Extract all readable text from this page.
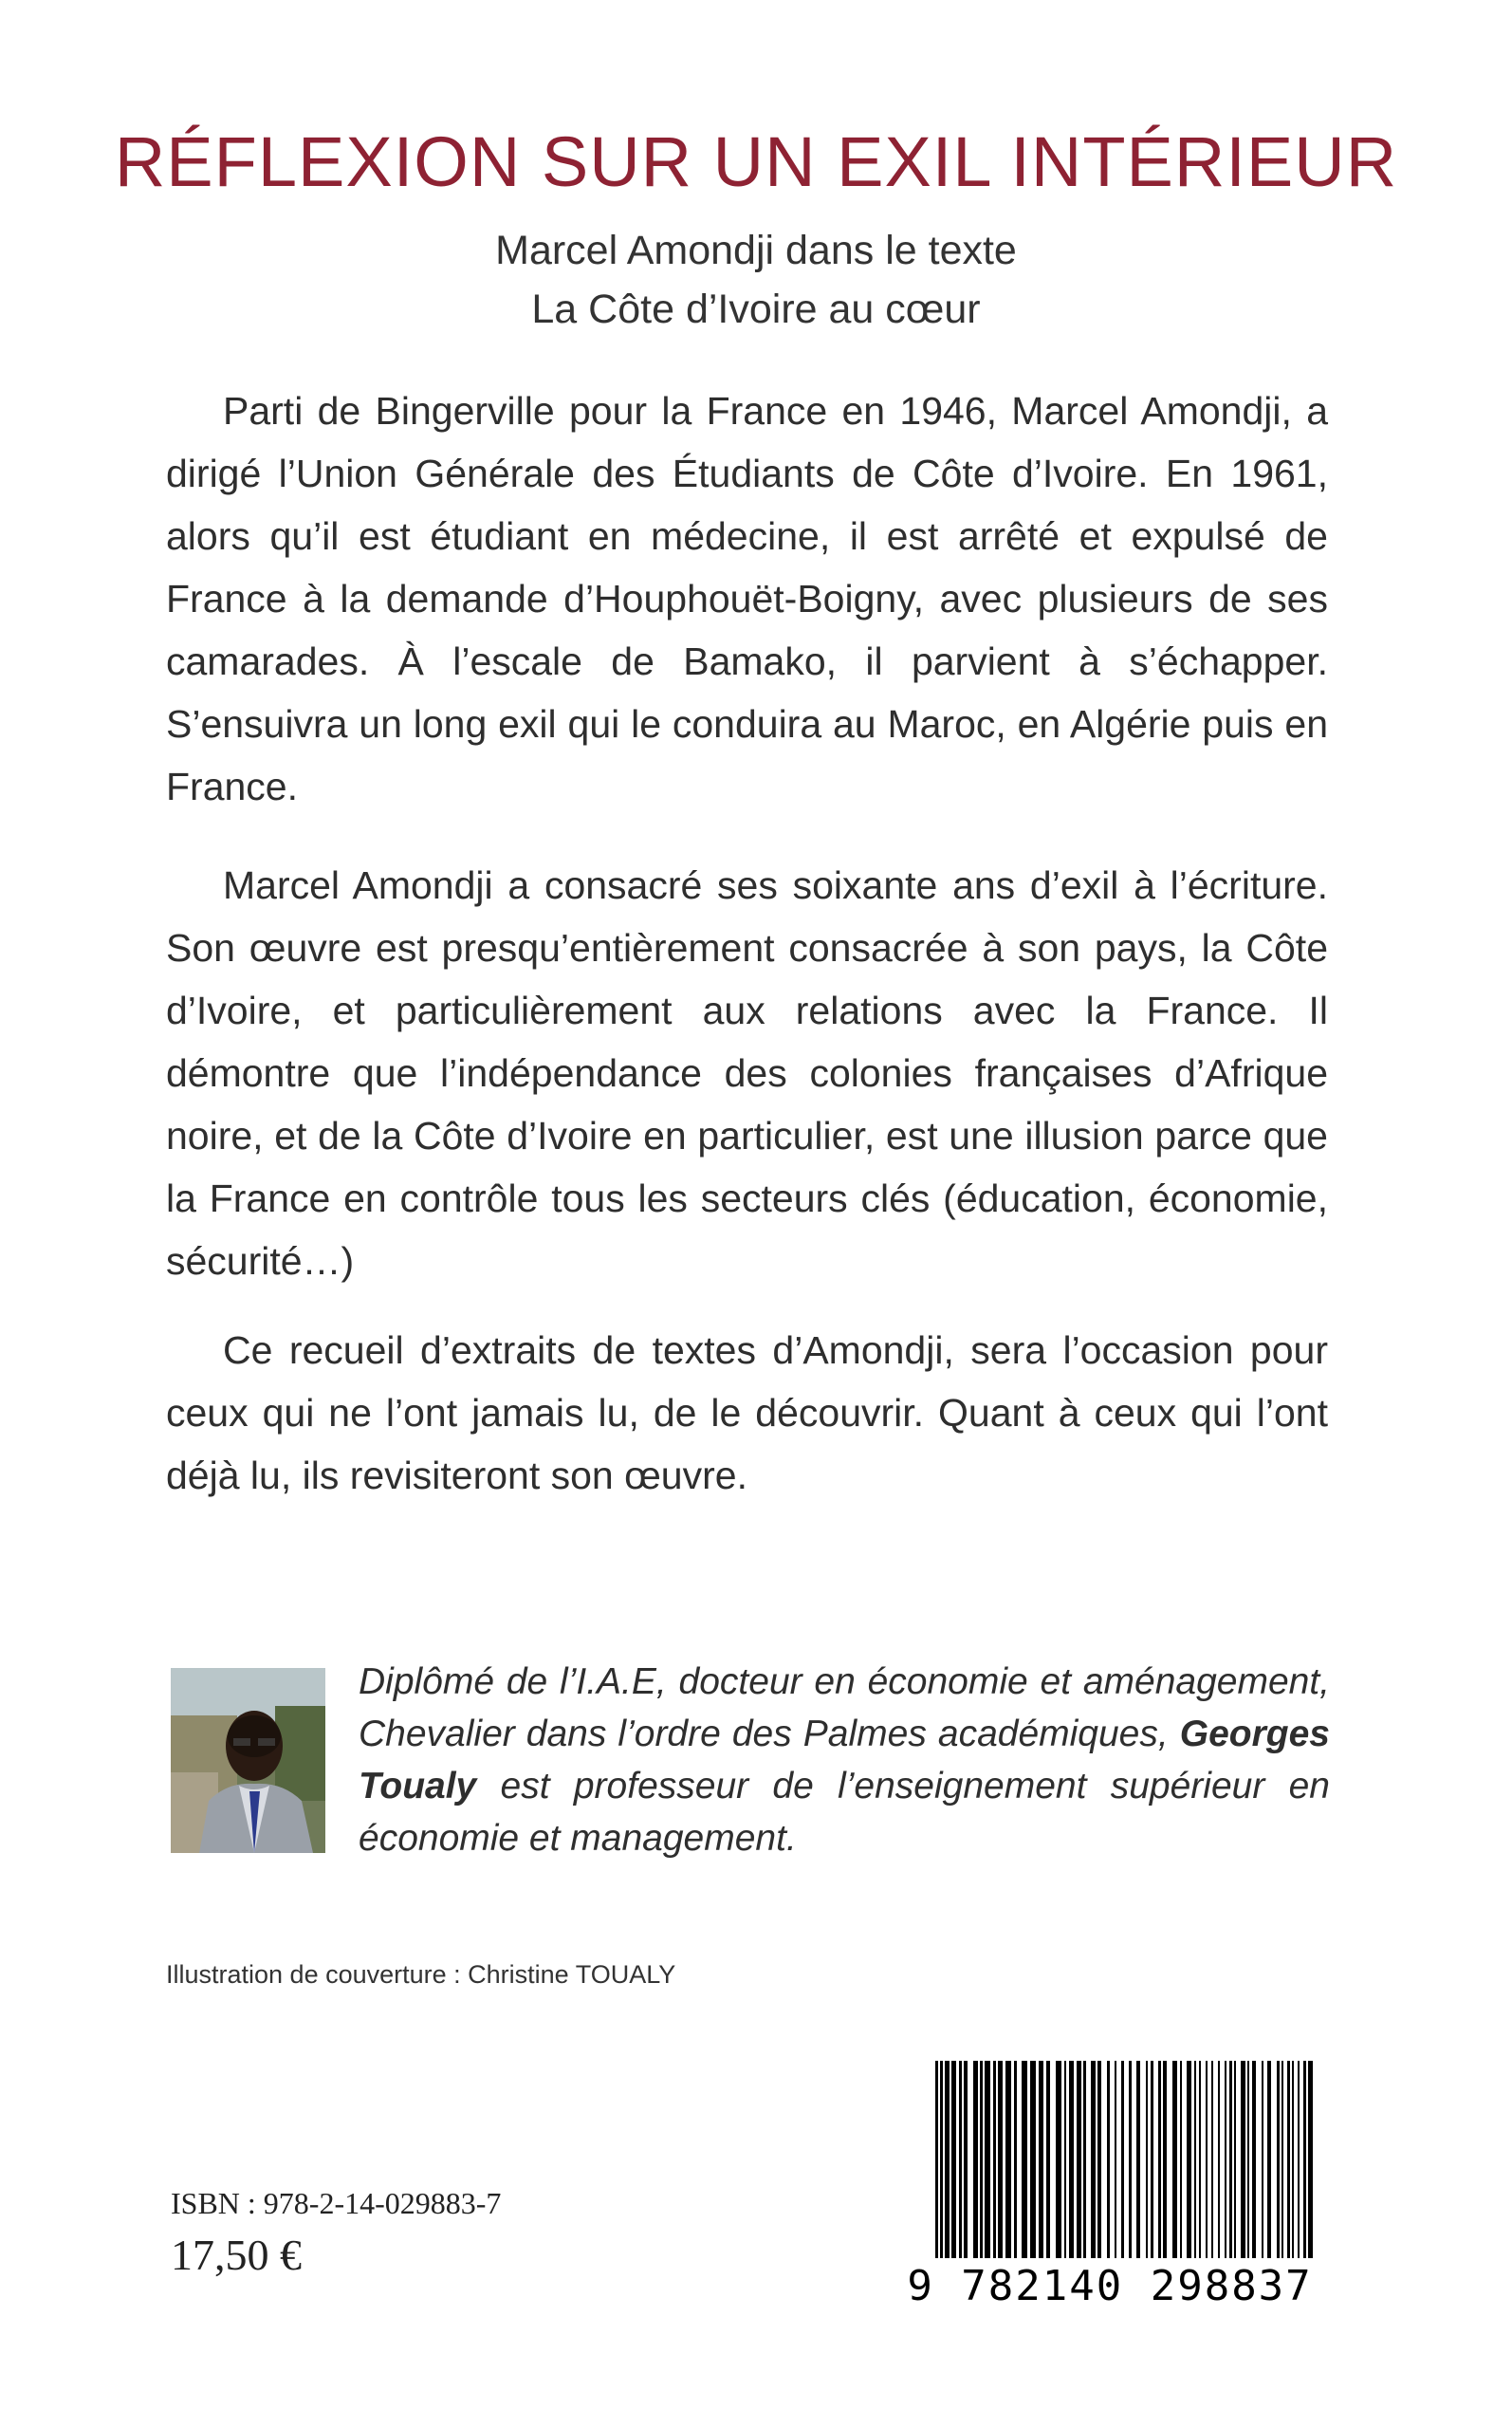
RÉFLEXION SUR UN EXIL INTÉRIEUR

Marcel Amondji dans le texte

La Côte d’Ivoire au cœur

Parti de Bingerville pour la France en 1946, Marcel Amondji, a dirigé l’Union Générale des Étudiants de Côte d’Ivoire. En 1961, alors qu’il est étudiant en médecine, il est arrêté et expulsé de France à la demande d’Houphouët-Boigny, avec plusieurs de ses camarades. À l’escale de Bamako, il parvient à s’échapper. S’ensuivra un long exil qui le conduira au Maroc, en Algérie puis en France.

Marcel Amondji a consacré ses soixante ans d’exil à l’écriture. Son œuvre est presqu’entièrement consacrée à son pays, la Côte d’Ivoire, et particulièrement aux relations avec la France. Il démontre que l’indépendance des colonies françaises d’Afrique noire, et de la Côte d’Ivoire en particulier, est une illusion parce que la France en contrôle tous les secteurs clés (éducation, économie, sécurité…)

Ce recueil d’extraits de textes d’Amondji, sera l’occasion pour ceux qui ne l’ont jamais lu, de le découvrir. Quant à ceux qui l’ont déjà lu, ils revisiteront son œuvre.

Diplômé de l’I.A.E, docteur en économie et aménagement, Chevalier dans l’ordre des Palmes académiques, Georges Toualy est professeur de l’enseignement supérieur en économie et management.

Illustration de couverture : Christine TOUALY

ISBN : 978-2-14-029883-7

17,50 €

9 782140 298837
